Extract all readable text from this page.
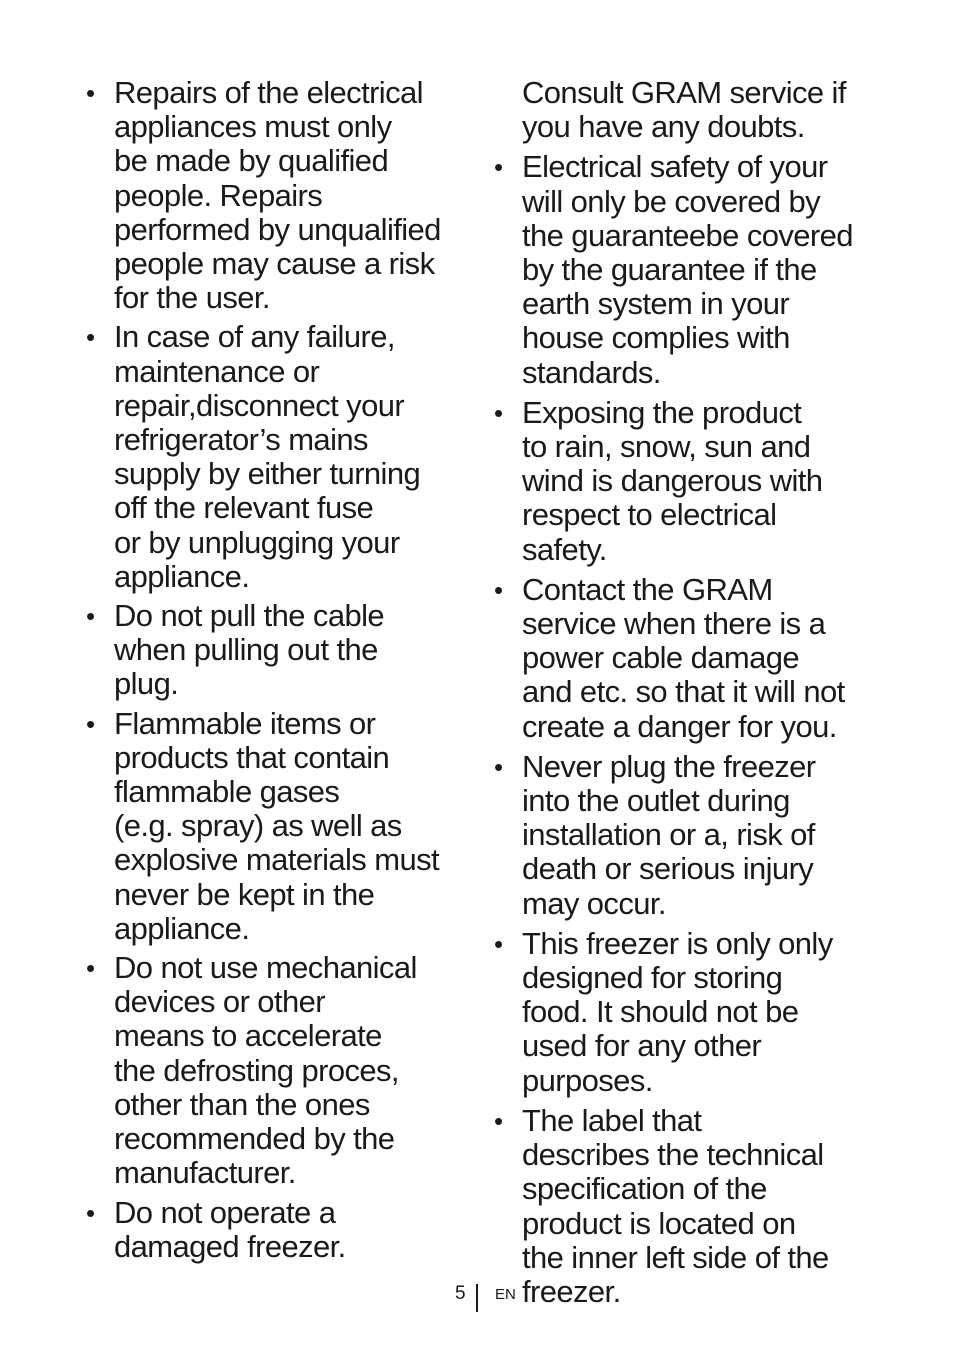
• Repairs of the electrical
appliances must only
be made by qualified
people. Repairs
performed by unqualified
people may cause a risk
for the user.
• In case of any failure,
maintenance or
repair,disconnect your
refrigerator’s mains
supply by either turning
off the relevant fuse
or by unplugging your
appliance.
• Do not pull the cable
when pulling out the
plug.
• Flammable items or
products that contain
flammable gases
(e.g. spray) as well as
explosive materials must
never be kept in the
appliance.
• Do not use mechanical
devices or other
means to accelerate
the defrosting proces,
other than the ones
recommended by the
manufacturer.
• Do not operate a
damaged freezer.
Consult GRAM service if
you have any doubts.
• Electrical safety of your
will only be covered by
the guaranteebe covered
by the guarantee if the
earth system in your
house complies with
standards.
• Exposing the product
to rain, snow, sun and
wind is dangerous with
respect to electrical
safety.
• Contact the GRAM
service when there is a
power cable damage
and etc. so that it will not
create a danger for you.
• Never plug the freezer
into the outlet during
installation or a, risk of
death or serious injury
may occur.
• This freezer is only only
designed for storing
food. It should not be
used for any other
purposes.
• The label that
describes the technical
specification of the
product is located on
the inner left side of the
freezer.
5 EN
